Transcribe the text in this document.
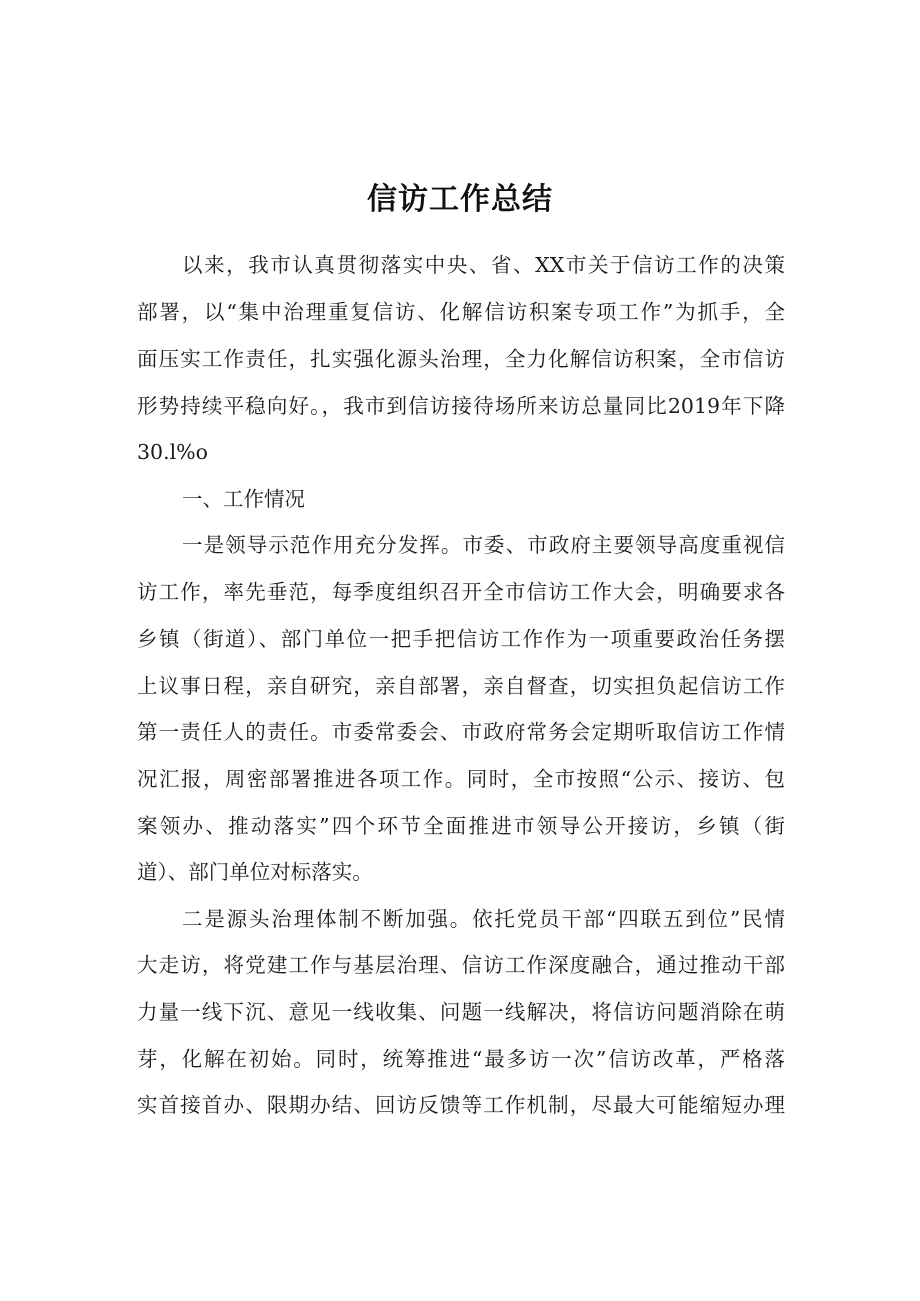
信访工作总结
以来，我市认真贯彻落实中央、省、XX市关于信访工作的决策
部署，以“集中治理重复信访、化解信访积案专项工作”为抓手，全
面压实工作责任，扎实强化源头治理，全力化解信访积案，全市信访
形势持续平稳向好。，我市到信访接待场所来访总量同比2019年下降
30.l%o
一、工作情况
一是领导示范作用充分发挥。市委、市政府主要领导高度重视信
访工作，率先垂范，每季度组织召开全市信访工作大会，明确要求各
乡镇（街道）、部门单位一把手把信访工作作为一项重要政治任务摆
上议事日程，亲自研究，亲自部署，亲自督查，切实担负起信访工作
第一责任人的责任。市委常委会、市政府常务会定期听取信访工作情
况汇报，周密部署推进各项工作。同时，全市按照“公示、接访、包
案领办、推动落实”四个环节全面推进市领导公开接访，乡镇（街
道）、部门单位对标落实。
二是源头治理体制不断加强。依托党员干部“四联五到位”民情
大走访，将党建工作与基层治理、信访工作深度融合，通过推动干部
力量一线下沉、意见一线收集、问题一线解决，将信访问题消除在萌
芽，化解在初始。同时，统筹推进“最多访一次”信访改革，严格落
实首接首办、限期办结、回访反馈等工作机制，尽最大可能缩短办理
